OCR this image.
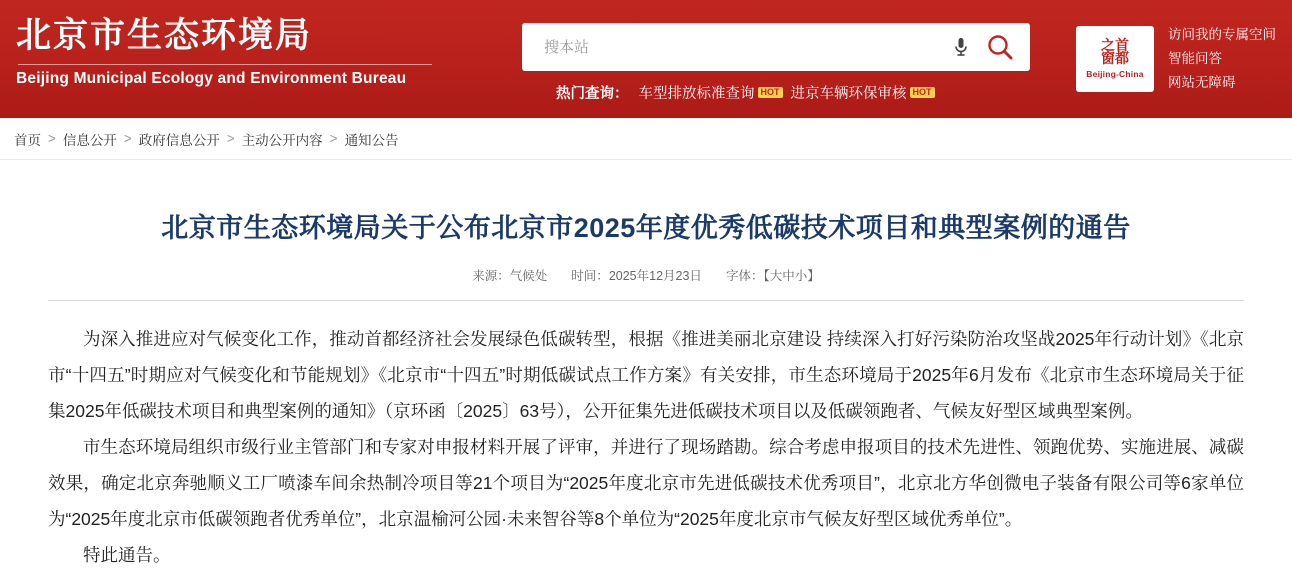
北京市生态环境局
Beijing Municipal Ecology and Environment Bureau
搜本站
热门查询： 车型排放标准查询 HOT 进京车辆环保审核 HOT
之首
窗都
Beijing-China
访问我的专属空间
智能问答
网站无障碍
首页 > 信息公开 > 政府信息公开 > 主动公开内容 > 通知公告
北京市生态环境局关于公布北京市2025年度优秀低碳技术项目和典型案例的通告
来源：气候处 时间：2025年12月23日 字体：【大中小】

为深入推进应对气候变化工作，推动首都经济社会发展绿色低碳转型，根据《推进美丽北京建设 持续深入打好污染防治攻坚战2025年行动计划》《北京市“十四五”时期应对气候变化和节能规划》《北京市“十四五”时期低碳试点工作方案》有关安排，市生态环境局于2025年6月发布《北京市生态环境局关于征集2025年低碳技术项目和典型案例的通知》（京环函〔2025〕63号），公开征集先进低碳技术项目以及低碳领跑者、气候友好型区域典型案例。

市生态环境局组织市级行业主管部门和专家对申报材料开展了评审，并进行了现场踏勘。综合考虑申报项目的技术先进性、领跑优势、实施进展、减碳效果，确定北京奔驰顺义工厂喷漆车间余热制冷项目等21个项目为“2025年度北京市先进低碳技术优秀项目”，北京北方华创微电子装备有限公司等6家单位为“2025年度北京市低碳领跑者优秀单位”，北京温榆河公园·未来智谷等8个单位为“2025年度北京市气候友好型区域优秀单位”。

特此通告。
